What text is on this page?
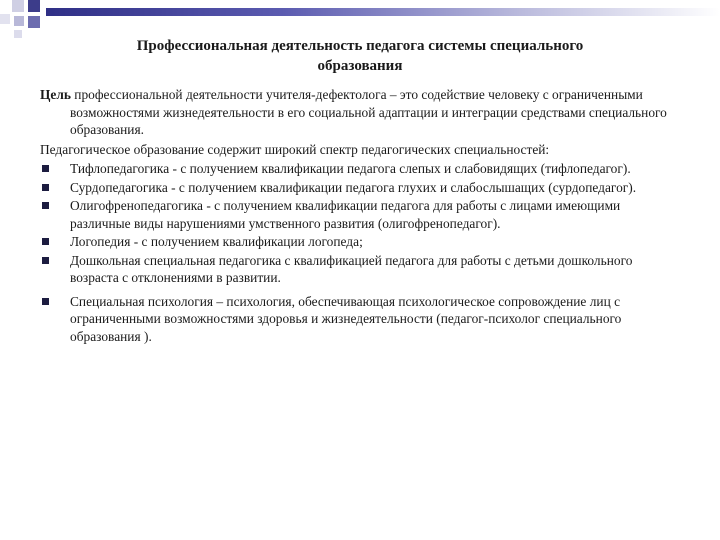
Профессиональная деятельность педагога системы специального
образования

Цель профессиональной деятельности учителя-дефектолога – это содействие человеку с ограниченными возможностями жизнедеятельности в его социальной адаптации и интеграции средствами специального образования.

Педагогическое образование содержит широкий спектр педагогических специальностей:

Тифлопедагогика - с получением квалификации педагога слепых и слабовидящих (тифлопедагог).
Сурдопедагогика - с получением квалификации педагога глухих и слабослышащих (сурдопедагог).
Олигофренопедагогика - с получением квалификации педагога для работы с лицами имеющими различные виды нарушениями умственного развития (олигофренопедагог).
Логопедия - с получением квалификации логопеда;
Дошкольная специальная педагогика с квалификацией педагога для работы с детьми дошкольного возраста с отклонениями в развитии.
Специальная психология – психология, обеспечивающая психологическое сопровождение лиц с ограниченными возможностями здоровья и жизнедеятельности (педагог-психолог специального образования ).
